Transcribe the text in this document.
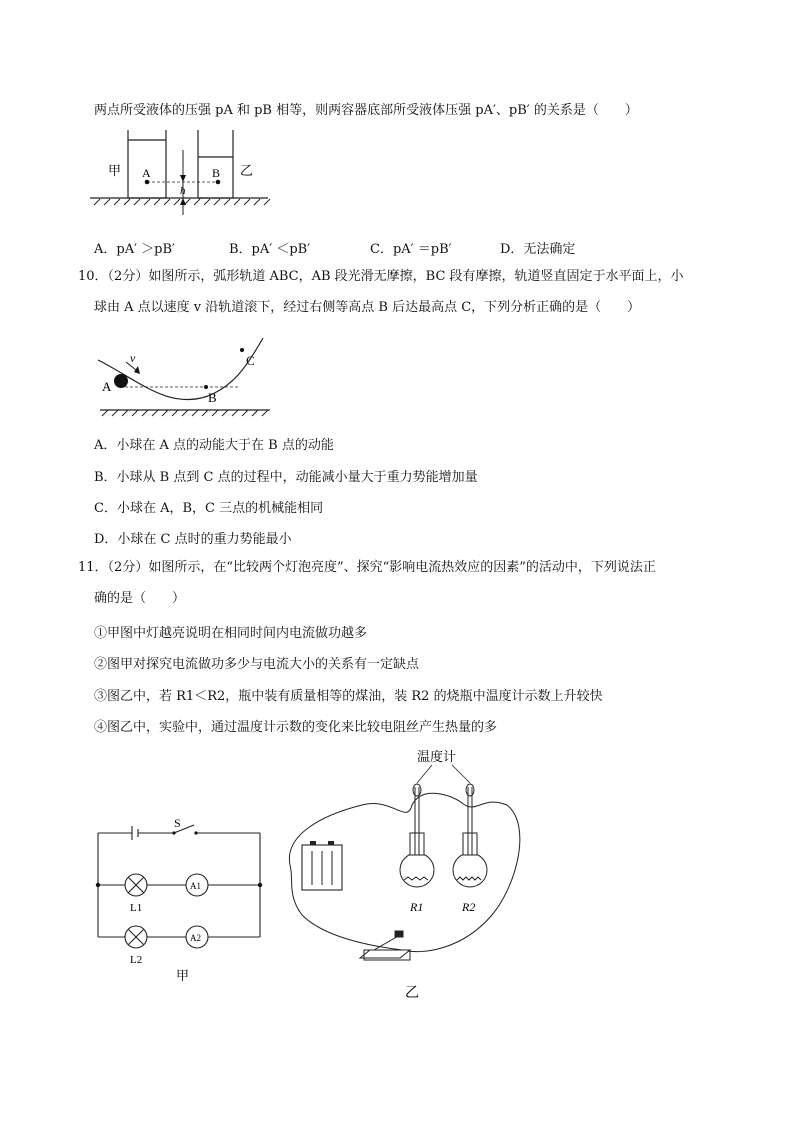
两点所受液体的压强 pA 和 pB 相等，则两容器底部所受液体压强 pA′、pB′ 的关系是（　　）
甲	乙
A	B
h
A．pA′ ＞pB′	B．pA′ ＜pB′	C．pA′ ＝pB′	D．无法确定
10．（2分）如图所示，弧形轨道 ABC，AB 段光滑无摩擦，BC 段有摩擦，轨道竖直固定于水平面上，小
球由 A 点以速度 v 沿轨道滚下，经过右侧等高点 B 后达最高点 C，下列分析正确的是（　　）
A
B
C
v
A．小球在 A 点的动能大于在 B 点的动能
B．小球从 B 点到 C 点的过程中，动能减小量大于重力势能增加量
C．小球在 A，B，C 三点的机械能相同
D．小球在 C 点时的重力势能最小
11．（2分）如图所示，在“比较两个灯泡亮度”、探究“影响电流热效应的因素”的活动中，下列说法正
确的是（　　）
①甲图中灯越亮说明在相同时间内电流做功越多
②图甲对探究电流做功多少与电流大小的关系有一定缺点
③图乙中，若 R1＜R2，瓶中装有质量相等的煤油，装 R2 的烧瓶中温度计示数上升较快
④图乙中，实验中，通过温度计示数的变化来比较电阻丝产生热量的多
S
A1
A2
L1
L2
甲
温度计
R1	R2
乙
